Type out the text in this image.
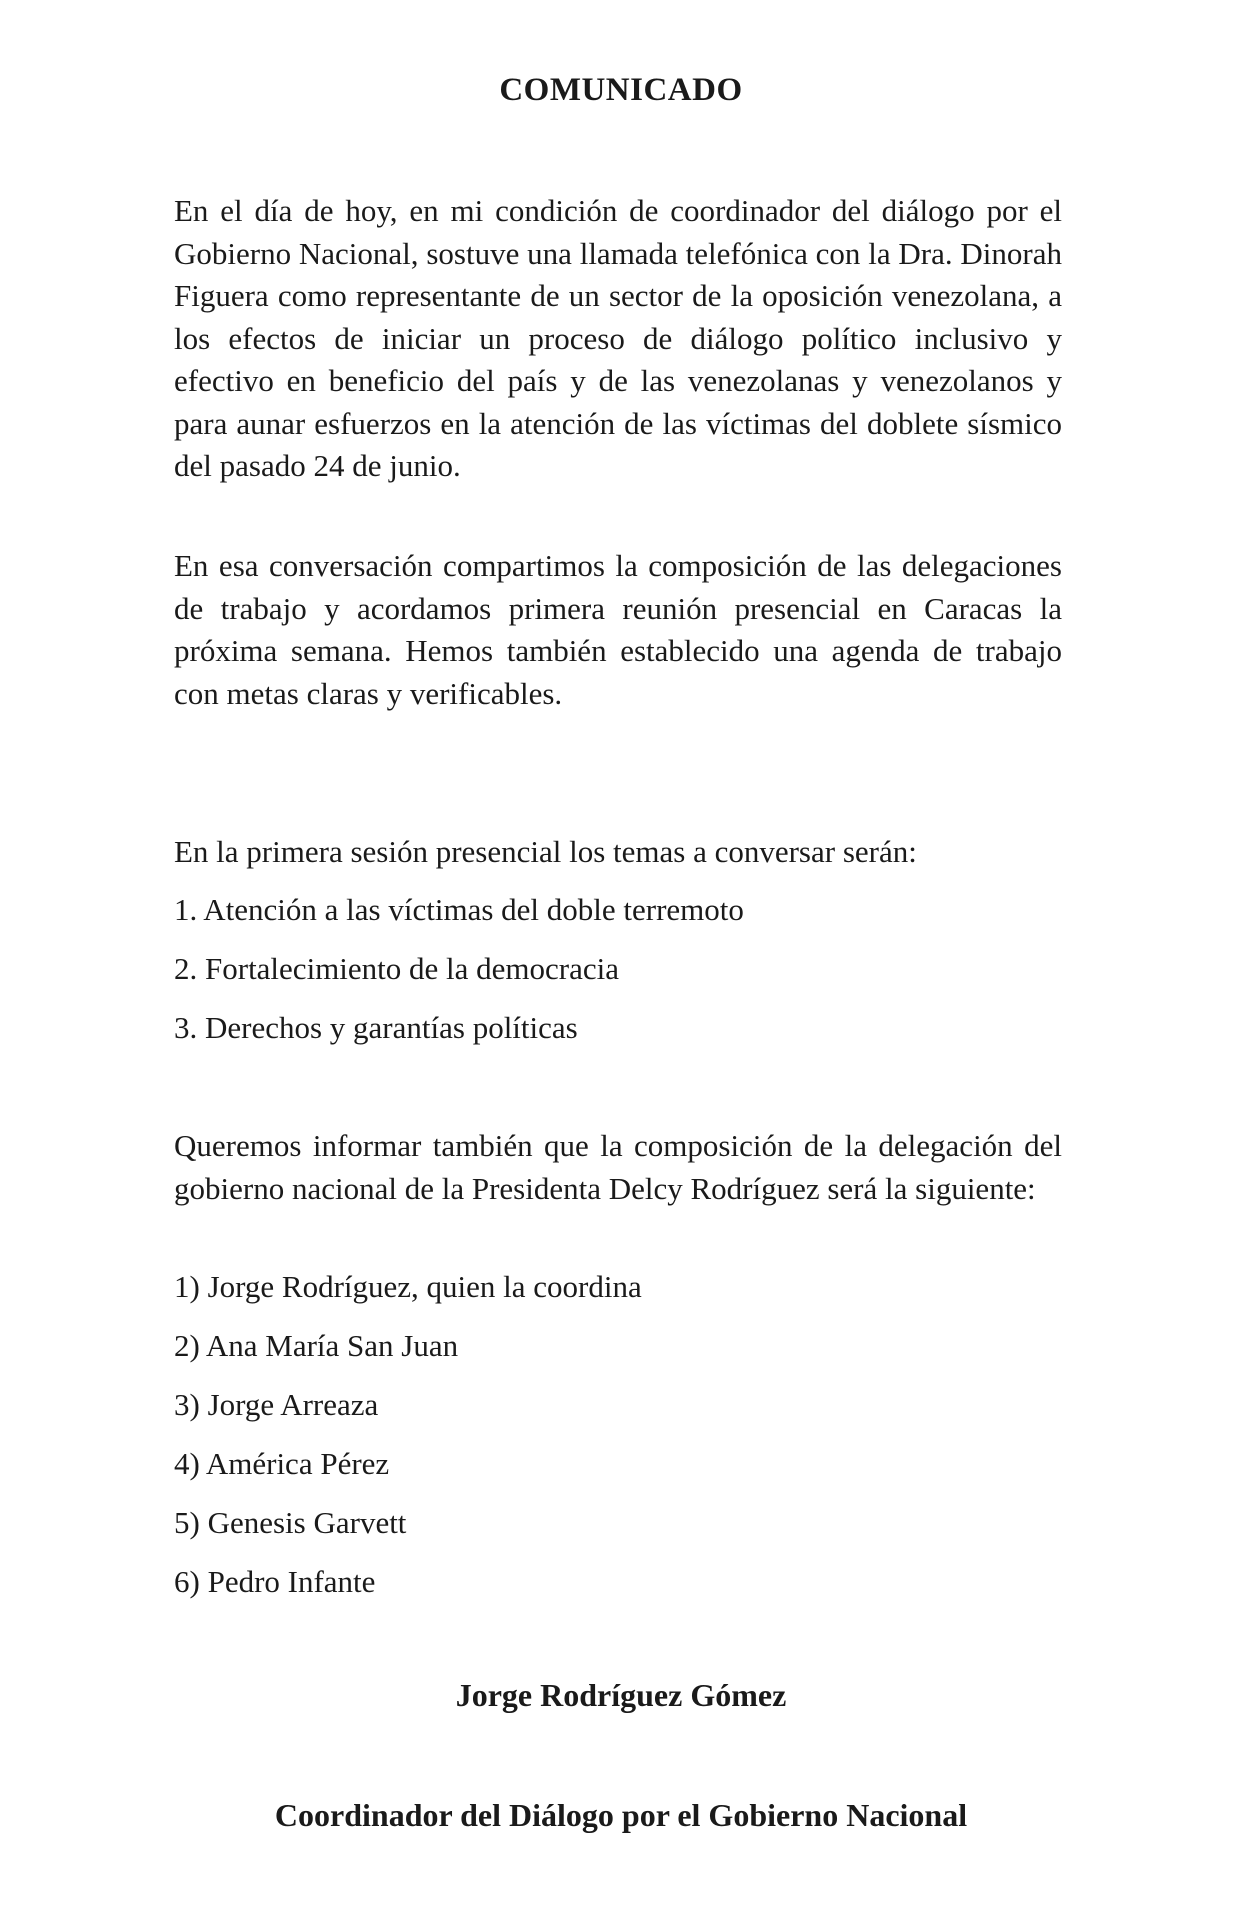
COMUNICADO

En el día de hoy, en mi condición de coordinador del diálogo por el Gobierno Nacional, sostuve una llamada telefónica con la Dra. Dinorah Figuera como representante de un sector de la oposición venezolana, a los efectos de iniciar un proceso de diálogo político inclusivo y efectivo en beneficio del país y de las venezolanas y venezolanos y para aunar esfuerzos en la atención de las víctimas del doblete sísmico del pasado 24 de junio.

En esa conversación compartimos la composición de las delegaciones de trabajo y acordamos primera reunión presencial en Caracas la próxima semana. Hemos también establecido una agenda de trabajo con metas claras y verificables.

En la primera sesión presencial los temas a conversar serán:

1. Atención a las víctimas del doble terremoto

2. Fortalecimiento de la democracia

3. Derechos y garantías políticas

Queremos informar también que la composición de la delegación del gobierno nacional de la Presidenta Delcy Rodríguez será la siguiente:

1) Jorge Rodríguez, quien la coordina

2) Ana María San Juan

3) Jorge Arreaza

4) América Pérez

5) Genesis Garvett

6) Pedro Infante

Jorge Rodríguez Gómez
Coordinador del Diálogo por el Gobierno Nacional
